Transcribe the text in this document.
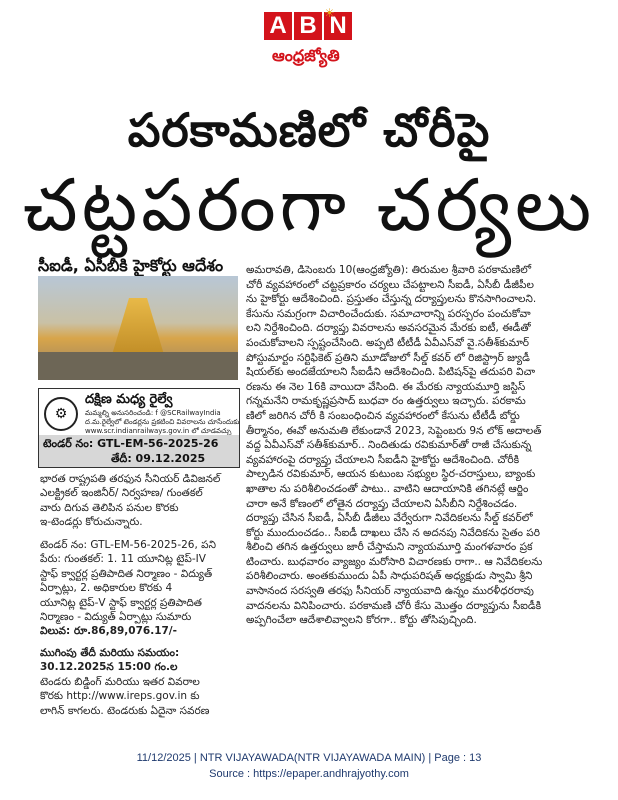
A B N
☀
ఆంధ్రజ్యోతి
పరకామణిలో చోరీపై
చట్టపరంగా చర్యలు
సీఐడీ, ఏసీబీకి హైకోర్టు ఆదేశం
⚙
దక్షిణ మధ్య రైల్వే
మమ్మల్ని అనుసరించండి: f @SCRailwayIndia
ద.మ.రైల్వేలో టెండర్లను ప్రకటించి వివరాలను చూసేందుకు
www.scr.indianrailways.gov.in లో చూడవచ్చు
టెండర్ నం: GTL-EM-56-2025-26
తేదీ: 09.12.2025
భారత రాష్ట్రపతి తరఫున సీనియర్ డివిజనల్
ఎలక్ట్రికల్ ఇంజినీర్/ నిర్వహణ/ గుంతకల్
వారు దిగువ తెలిపిన పనుల కొరకు
ఇ-టెండర్లు కోరుచున్నారు.
టెండర్ నం: GTL-EM-56-2025-26, పని
పేరు: గుంతకల్: 1. 11 యూనిట్ల టైప్-IV
స్టాఫ్ క్వార్టర్ల ప్రతిపాదిత నిర్మాణం - విద్యుత్
ఏర్పాట్లు, 2. అధికారుల కొరకు 4
యూనిట్ల టైప్-V స్టాఫ్ క్వార్టర్ల ప్రతిపాదిత
నిర్మాణం - విద్యుత్ ఏర్పాట్లు సుమారు
విలువ: రూ.86,89,076.17/-
ముగింపు తేదీ మరియు సమయం:
30.12.2025న 15:00 గం.ల
టెండరు బిడ్డింగ్ మరియు ఇతర వివరాల
కొరకు http://www.ireps.gov.in కు
లాగిన్ కాగలరు. టెండరుకు ఏదైనా సవరణ
అమరావతి, డిసెంబరు 10(ఆంధ్రజ్యోతి): తిరుమల శ్రీవారి పరకామణిలో
చోరీ వ్యవహారంలో చట్టప్రకారం చర్యలు చేపట్టాలని సీఐడీ, ఏసీబీ డీజీపీల
ను హైకోర్టు ఆదేశించింది. ప్రస్తుతం చేస్తున్న దర్యాప్తులను కొనసాగించాలని.
కేసును సమగ్రంగా విచారించేందుకు. సమాచారాన్ని పరస్పరం పంచుకోవా
లని నిర్దేశించింది. దర్యాప్తు వివరాలను అవసరమైన మేరకు ఐటీ, ఈడీతో
పంచుకోవాలని స్పష్టంచేసింది. అప్పటి టీటీడీ ఏవీఎస్‌వో వై.సతీశ్‌కుమార్
పోస్టుమార్టం సర్టిఫికెట్ ప్రతిని మూడోజులో సీల్డ్ కవర్ లో రిజిస్ట్రార్ జ్యుడీ
షియల్‌కు అందజేయాలని సీఐడీని ఆదేశించింది. పిటిషన్‌పై తదుపరి విచా
రణను ఈ నెల 16కి వాయిదా వేసింది. ఈ మేరకు న్యాయమూర్తి జస్టిస్
గన్నమనేని రామకృష్ణప్రసాద్ బుధవా రం ఉత్తర్వులు ఇచ్చారు. పరకామ
ణిలో జరిగిన చోరీ కి సంబంధించిన వ్యవహారంలో కేసును టీటీడీ బోర్డు
తీర్మానం, ఈవో అనుమతి లేకుండానే 2023, సెప్టెంబరు 9న లోక్ అదాలత్
వద్ద ఏవీఎస్‌వో సతీశ్‌కుమార్.. నిందితుడు రవికుమార్‌తో రాజీ చేసుకున్న
వ్యవహారంపై దర్యాప్తు చేయాలని సీఐడీని హైకోర్టు ఆదేశించింది. చోరీకి
పాల్పడిన రవికుమార్, ఆయన కుటుంబ సభ్యుల స్థిర-చరాస్తులు, బ్యాంకు
ఖాతాల ను పరిశీలించడంతో పాటు.. వాటిని ఆదాయానికి తగినట్లే ఆర్జిం
చారా అనే కోణంలో లోతైన దర్యాప్తు చేయాలని ఏసీబీని నిర్దేశించడం.
దర్యాప్తు చేసిన సీఐడీ, ఏసీబీ డీజీలు వేర్వేరుగా నివేదికలను సీల్డ్ కవర్‌లో
కోర్టు ముందుంచడం.. సీఐడీ దాఖలు చేసి న అదనపు నివేదికను సైతం పరి
శీలించి తగిన ఉత్తర్వులు జారీ చేస్తామని న్యాయమూర్తి మంగళవారం ప్రక
టించారు. బుధవారం వ్యాజ్యం మరోసారి విచారణకు రాగా.. ఆ నివేదికలను
పరిశీలించారు. అంతకుముందు ఏపీ సాధుపరిషత్ అధ్యక్షుడు స్వామి శ్రీని
వాసానంద సరస్వతి తరఫు సీనియర్ న్యాయవాది ఉన్నం మురళీధరరావు
వాదనలను వినిపించారు. పరకామణి చోరీ కేసు మొత్తం దర్యాప్తును సీఐడీకి
అప్పగించేలా ఆదేశాలివ్వాలని కోరగా.. కోర్టు తోసిపుచ్చింది.
11/12/2025 | NTR VIJAYAWADA(NTR VIJAYAWADA MAIN) | Page : 13
Source : https://epaper.andhrajyothy.com
